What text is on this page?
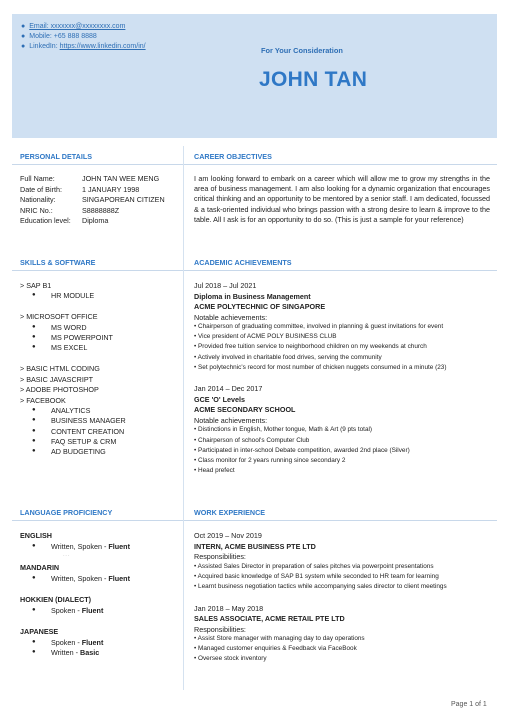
● Email: xxxxxxx@xxxxxxxx.com
● Mobile: +65 888 8888
● LinkedIn:
https://www.linkedin.com/in/	For Your Consideration
JOHN TAN
PERSONAL DETAILS	CAREER OBJECTIVES
SKILLS & SOFTWARE	ACADEMIC ACHIEVEMENTS
LANGUAGE PROFICIENCY	WORK EXPERIENCE
Full Name:	JOHN TAN WEE MENG
Date of Birth:	1 JANUARY 1998
Nationality:	SINGAPOREAN CITIZEN
NRIC No.:	S8888888Z
Education level:	Diploma
I am looking forward to embark on a career which will allow me to grow my strengths in the area of business management. I am also looking for a dynamic organization that encourages critical thinking and an opportunity to be mentored by a senior staff. I am dedicated, focussed & a task-oriented individual who brings passion with a strong desire to learn & improve to the table. All I ask is for an opportunity to do so. (This is just a sample for your reference)
> SAP B1
●	HR MODULE
> MICROSOFT OFFICE
●	MS WORD
●	MS POWERPOINT
●	MS EXCEL
> BASIC HTML CODING
> BASIC JAVASCRIPT
> ADOBE PHOTOSHOP
> FACEBOOK
●	ANALYTICS
●	BUSINESS MANAGER
●	CONTENT CREATION
●	FAQ SETUP & CRM
●	AD BUDGETING
Jul 2018 – Jul 2021
Diploma in Business Management
ACME POLYTECHNIC OF SINGAPORE
Notable achievements:
• Chairperson of graduating committee, involved in planning & guest invitations for event
• Vice president of ACME POLY BUSINESS CLUB
• Provided free tuition service to neighborhood children on my weekends at church
• Actively involved in charitable food drives, serving the community
• Set polytechnic's record for most number of chicken nuggets consumed in a minute (23)
Jan 2014 – Dec 2017
GCE 'O' Levels
ACME SECONDARY SCHOOL
Notable achievements:
• Distinctions in English, Mother tongue, Math & Art (9 pts total)
• Chairperson of school's Computer Club
• Participated in inter-school Debate competition, awarded 2nd place (Silver)
• Class monitor for 2 years running since secondary 2
• Head prefect
ENGLISH
●	Written, Spoken -
Fluent
- - -
MANDARIN
●	Written, Spoken -
Fluent
HOKKIEN (DIALECT)
●	Spoken -
Fluent
JAPANESE
●	Spoken -
Fluent
●	Written -
Basic
Oct 2019 – Nov 2019
INTERN, ACME BUSINESS PTE LTD
Responsibilities:
• Assisted Sales Director in preparation of sales pitches via powerpoint presentations
• Acquired basic knowledge of SAP B1 system while seconded to HR team for learning
• Learnt business negotiation tactics while accompanying sales director to client meetings
Jan 2018 – May 2018
SALES ASSOCIATE, ACME RETAIL PTE LTD
Responsibilities:
• Assist Store manager with managing day to day operations
• Managed customer enquiries & Feedback via FaceBook
• Oversee stock inventory
Page 1 of 1
